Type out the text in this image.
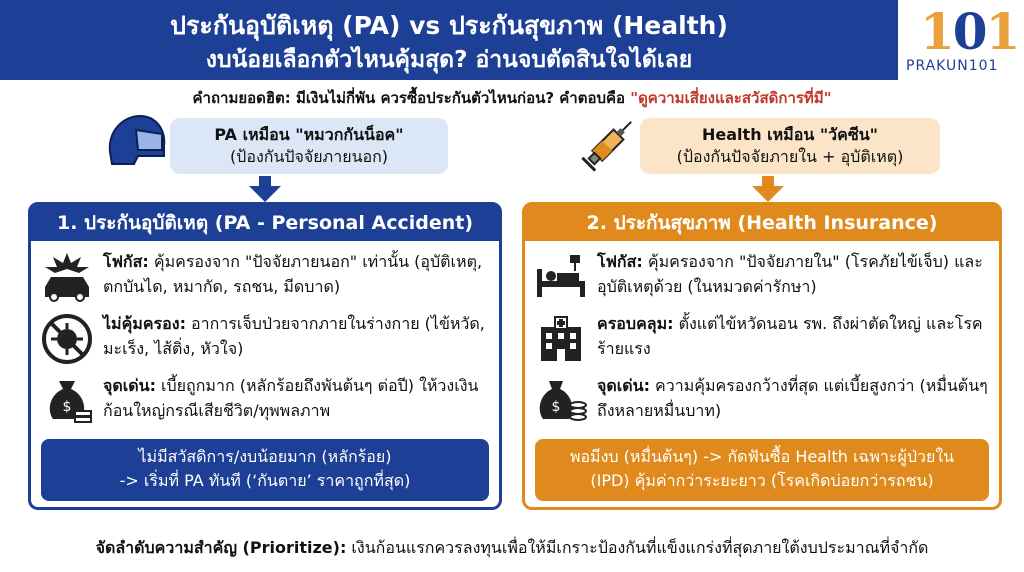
ประกันอุบัติเหตุ (PA) vs ประกันสุขภาพ (Health)
งบน้อยเลือกตัวไหนคุ้มสุด? อ่านจบตัดสินใจได้เลย	101
PRAKUN101
คำถามยอดฮิต: มีเงินไม่กี่พัน ควรซื้อประกันตัวไหนก่อน? คำตอบคือ "ดูความเสี่ยงและสวัสดิการที่มี"
PA เหมือน "หมวกกันน็อค"
(ป้องกันปัจจัยภายนอก)
Health เหมือน "วัคซีน"
(ป้องกันปัจจัยภายใน + อุบัติเหตุ)
1. ประกันอุบัติเหตุ (PA - Personal Accident)
โฟกัส: คุ้มครองจาก "ปัจจัยภายนอก" เท่านั้น (อุบัติเหตุ, ตกบันได, หมากัด, รถชน, มีดบาด)
ไม่คุ้มครอง: อาการเจ็บป่วยจากภายในร่างกาย (ไข้หวัด, มะเร็ง, ไส้ติ่ง, หัวใจ)
$
จุดเด่น: เบี้ยถูกมาก (หลักร้อยถึงพันต้นๆ ต่อปี) ให้วงเงินก้อนใหญ่กรณีเสียชีวิต/ทุพพลภาพ
ไม่มีสวัสดิการ/งบน้อยมาก (หลักร้อย)
-> เริ่มที่ PA ทันที (‘กันตาย’ ราคาถูกที่สุด)
2. ประกันสุขภาพ (Health Insurance)
โฟกัส: คุ้มครองจาก "ปัจจัยภายใน" (โรคภัยไข้เจ็บ) และ อุบัติเหตุด้วย (ในหมวดค่ารักษา)
ครอบคลุม: ตั้งแต่ไข้หวัดนอน รพ. ถึงผ่าตัดใหญ่ และโรคร้ายแรง
$
จุดเด่น: ความคุ้มครองกว้างที่สุด แต่เบี้ยสูงกว่า (หมื่นต้นๆ ถึงหลายหมื่นบาท)
พอมีงบ (หมื่นต้นๆ) -> กัดฟันซื้อ Health เฉพาะผู้ป่วยใน
(IPD) คุ้มค่ากว่าระยะยาว (โรคเกิดบ่อยกว่ารถชน)
จัดลำดับความสำคัญ (Prioritize): เงินก้อนแรกควรลงทุนเพื่อให้มีเกราะป้องกันที่แข็งแกร่งที่สุดภายใต้งบประมาณที่จำกัด
